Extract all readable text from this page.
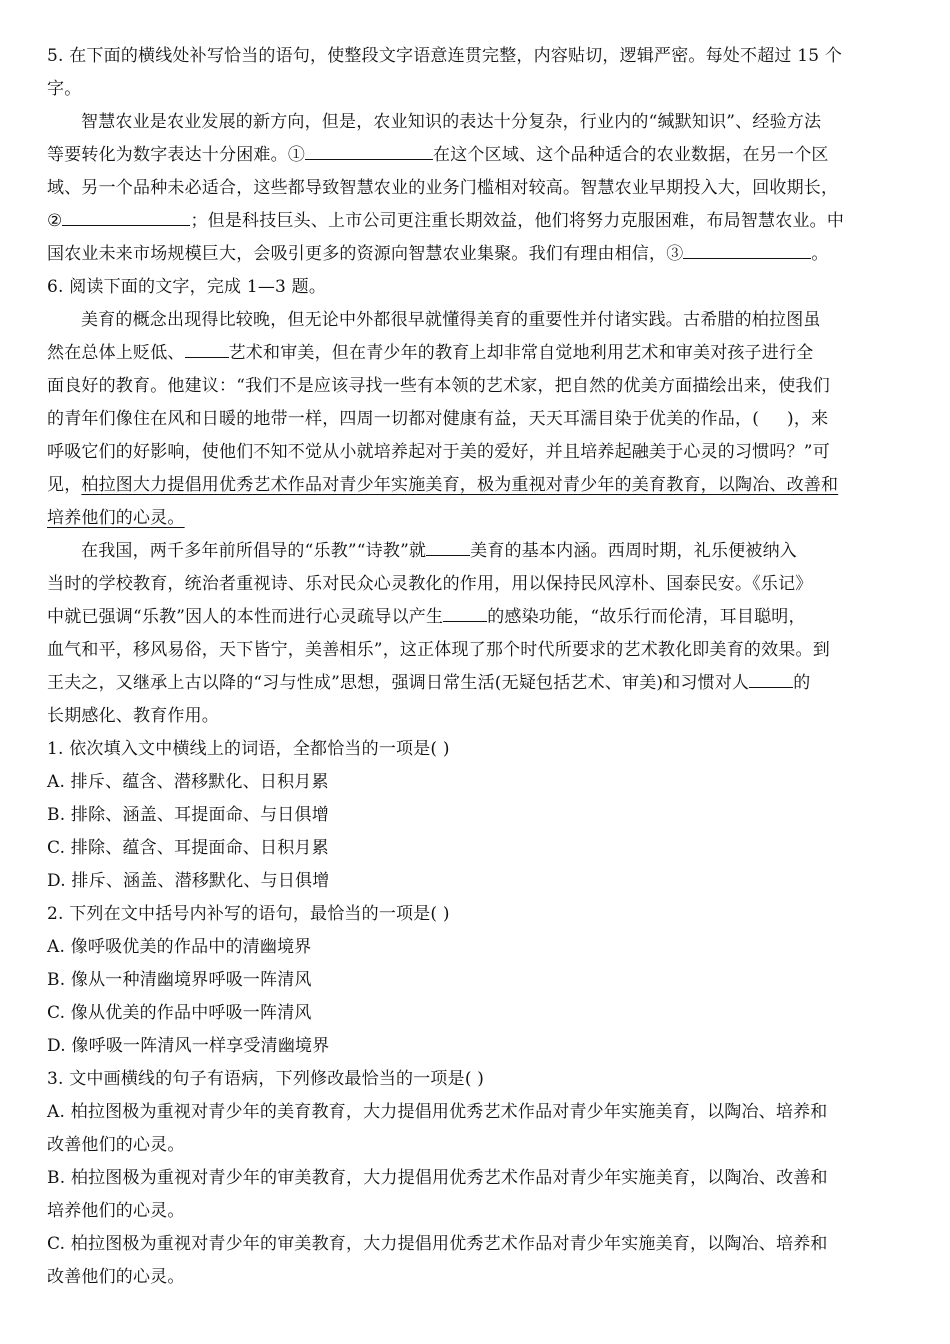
5. 在下面的横线处补写恰当的语句，使整段文字语意连贯完整，内容贴切，逻辑严密。每处不超过 15 个
字。
智慧农业是农业发展的新方向，但是，农业知识的表达十分复杂，行业内的“缄默知识”、经验方法
等要转化为数字表达十分困难。①	在这个区域、这个品种适合的农业数据，在另一个区
域、另一个品种未必适合，这些都导致智慧农业的业务门槛相对较高。智慧农业早期投入大，回收期长，
②	；但是科技巨头、上市公司更注重长期效益，他们将努力克服困难，布局智慧农业。中
国农业未来市场规模巨大，会吸引更多的资源向智慧农业集聚。我们有理由相信，③	。
6. 阅读下面的文字，完成 1—3 题。
美育的概念出现得比较晚，但无论中外都很早就懂得美育的重要性并付诸实践。古希腊的柏拉图虽
然在总体上贬低、	艺术和审美，但在青少年的教育上却非常自觉地利用艺术和审美对孩子进行全
面良好的教育。他建议：“我们不是应该寻找一些有本领的艺术家，把自然的优美方面描绘出来，使我们
的青年们像住在风和日暖的地带一样，四周一切都对健康有益，天天耳濡目染于优美的作品，( )，来
呼吸它们的好影响，使他们不知不觉从小就培养起对于美的爱好，并且培养起融美于心灵的习惯吗？”可
见，柏拉图大力提倡用优秀艺术作品对青少年实施美育，极为重视对青少年的美育教育，以陶冶、改善和
培养他们的心灵。
在我国，两千多年前所倡导的“乐教”“诗教”就	美育的基本内涵。西周时期，礼乐便被纳入
当时的学校教育，统治者重视诗、乐对民众心灵教化的作用，用以保持民风淳朴、国泰民安。《乐记》
中就已强调“乐教”因人的本性而进行心灵疏导以产生	的感染功能，“故乐行而伦清，耳目聪明，
血气和平，移风易俗，天下皆宁，美善相乐”，这正体现了那个时代所要求的艺术教化即美育的效果。到
王夫之，又继承上古以降的“习与性成”思想，强调日常生活(无疑包括艺术、审美)和习惯对人	的
长期感化、教育作用。
1. 依次填入文中横线上的词语，全都恰当的一项是( )
A. 排斥、蕴含、潜移默化、日积月累
B. 排除、涵盖、耳提面命、与日俱增
C. 排除、蕴含、耳提面命、日积月累
D. 排斥、涵盖、潜移默化、与日俱增
2. 下列在文中括号内补写的语句，最恰当的一项是( )
A. 像呼吸优美的作品中的清幽境界
B. 像从一种清幽境界呼吸一阵清风
C. 像从优美的作品中呼吸一阵清风
D. 像呼吸一阵清风一样享受清幽境界
3. 文中画横线的句子有语病，下列修改最恰当的一项是( )
A. 柏拉图极为重视对青少年的美育教育，大力提倡用优秀艺术作品对青少年实施美育，以陶冶、培养和
改善他们的心灵。
B. 柏拉图极为重视对青少年的审美教育，大力提倡用优秀艺术作品对青少年实施美育，以陶冶、改善和
培养他们的心灵。
C. 柏拉图极为重视对青少年的审美教育，大力提倡用优秀艺术作品对青少年实施美育，以陶冶、培养和
改善他们的心灵。
